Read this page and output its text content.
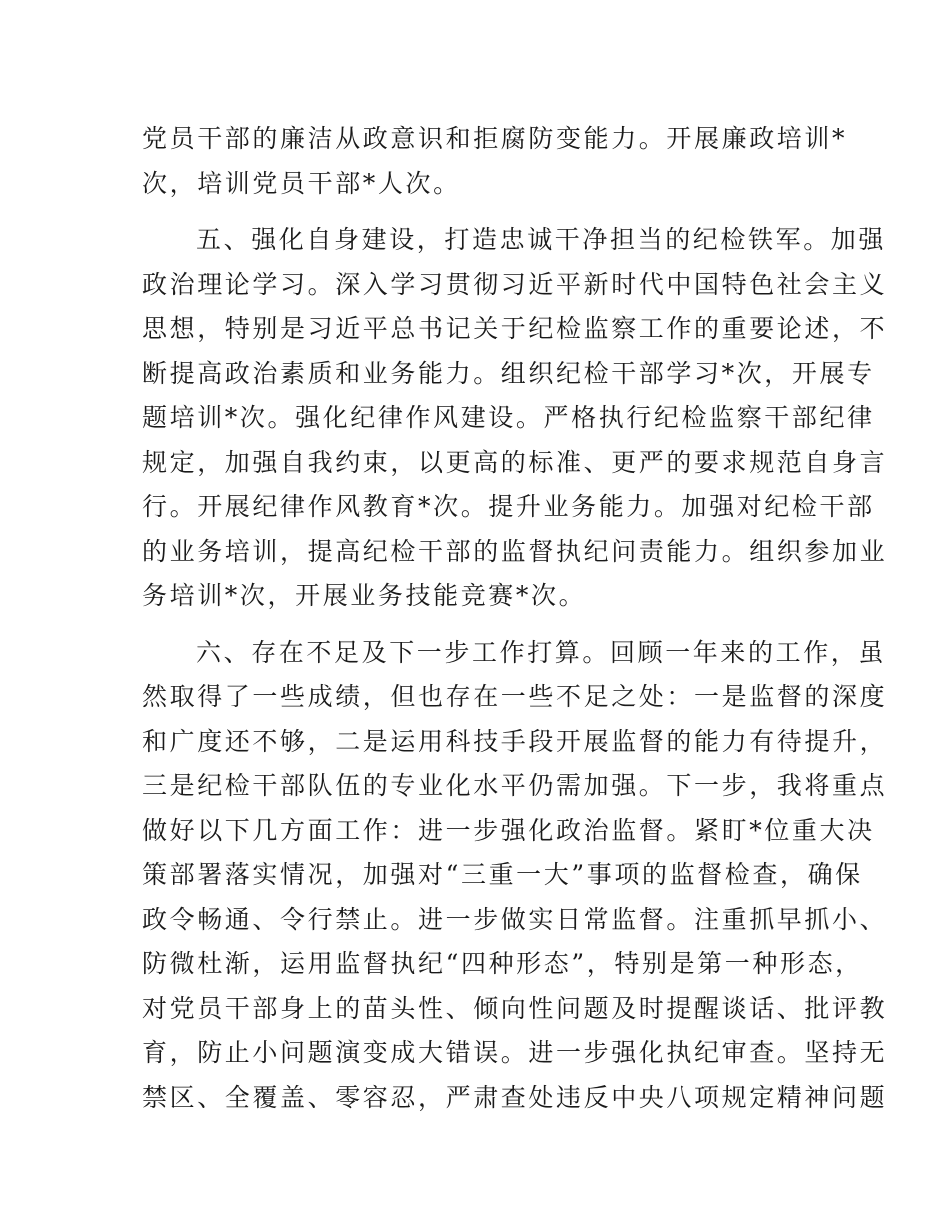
党员干部的廉洁从政意识和拒腐防变能力。开展廉政培训*
次，培训党员干部*人次。
五、强化自身建设，打造忠诚干净担当的纪检铁军。加强
政治理论学习。深入学习贯彻习近平新时代中国特色社会主义
思想，特别是习近平总书记关于纪检监察工作的重要论述，不
断提高政治素质和业务能力。组织纪检干部学习*次，开展专
题培训*次。强化纪律作风建设。严格执行纪检监察干部纪律
规定，加强自我约束，以更高的标准、更严的要求规范自身言
行。开展纪律作风教育*次。提升业务能力。加强对纪检干部
的业务培训，提高纪检干部的监督执纪问责能力。组织参加业
务培训*次，开展业务技能竞赛*次。
六、存在不足及下一步工作打算。回顾一年来的工作，虽
然取得了一些成绩，但也存在一些不足之处：一是监督的深度
和广度还不够，二是运用科技手段开展监督的能力有待提升，
三是纪检干部队伍的专业化水平仍需加强。下一步，我将重点
做好以下几方面工作：进一步强化政治监督。紧盯*位重大决
策部署落实情况，加强对“三重一大”事项的监督检查，确保
政令畅通、令行禁止。进一步做实日常监督。注重抓早抓小、
防微杜渐，运用监督执纪“四种形态”，特别是第一种形态，
对党员干部身上的苗头性、倾向性问题及时提醒谈话、批评教
育，防止小问题演变成大错误。进一步强化执纪审查。坚持无
禁区、全覆盖、零容忍，严肃查处违反中央八项规定精神问题
